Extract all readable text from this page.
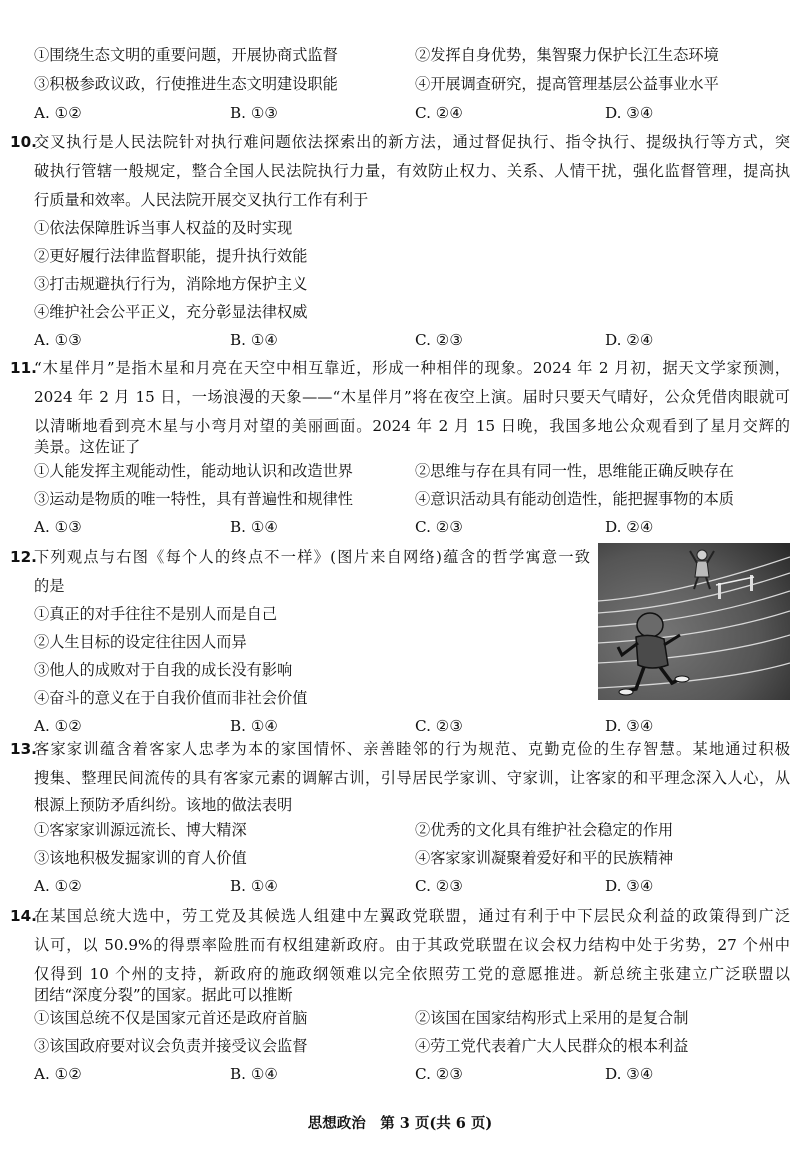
①围绕生态文明的重要问题，开展协商式监督	②发挥自身优势，集智聚力保护长江生态环境
③积极参政议政，行使推进生态文明建设职能	④开展调查研究，提高管理基层公益事业水平
A. ①②	B. ①③	C. ②④	D. ③④
10.
交叉执行是人民法院针对执行难问题依法探索出的新方法，通过督促执行、指令执行、提级执行等方式，突
破执行管辖一般规定，整合全国人民法院执行力量，有效防止权力、关系、人情干扰，强化监督管理，提高执
行质量和效率。人民法院开展交叉执行工作有利于
①依法保障胜诉当事人权益的及时实现
②更好履行法律监督职能，提升执行效能
③打击规避执行行为，消除地方保护主义
④维护社会公平正义，充分彰显法律权威
A. ①③	B. ①④	C. ②③	D. ②④
11.
“木星伴月”是指木星和月亮在天空中相互靠近，形成一种相伴的现象。2024 年 2 月初，据天文学家预测，
2024 年 2 月 15 日，一场浪漫的天象——“木星伴月”将在夜空上演。届时只要天气晴好，公众凭借肉眼就可
以清晰地看到亮木星与小弯月对望的美丽画面。2024 年 2 月 15 日晚，我国多地公众观看到了星月交辉的
美景。这佐证了
①人能发挥主观能动性，能动地认识和改造世界	②思维与存在具有同一性，思维能正确反映存在
③运动是物质的唯一特性，具有普遍性和规律性	④意识活动具有能动创造性，能把握事物的本质
A. ①③	B. ①④	C. ②③	D. ②④
12.
下列观点与右图《每个人的终点不一样》(图片来自网络)蕴含的哲学寓意一致
的是
①真正的对手往往不是别人而是自己
②人生目标的设定往往因人而异
③他人的成败对于自我的成长没有影响
④奋斗的意义在于自我价值而非社会价值
A. ①②	B. ①④	C. ②③	D. ③④
13.
客家家训蕴含着客家人忠孝为本的家国情怀、亲善睦邻的行为规范、克勤克俭的生存智慧。某地通过积极
搜集、整理民间流传的具有客家元素的调解古训，引导居民学家训、守家训，让客家的和平理念深入人心，从
根源上预防矛盾纠纷。该地的做法表明
①客家家训源远流长、博大精深	②优秀的文化具有维护社会稳定的作用
③该地积极发掘家训的育人价值	④客家家训凝聚着爱好和平的民族精神
A. ①②	B. ①④	C. ②③	D. ③④
14.
在某国总统大选中，劳工党及其候选人组建中左翼政党联盟，通过有利于中下层民众利益的政策得到广泛
认可，以 50.9%的得票率险胜而有权组建新政府。由于其政党联盟在议会权力结构中处于劣势，27 个州中
仅得到 10 个州的支持，新政府的施政纲领难以完全依照劳工党的意愿推进。新总统主张建立广泛联盟以
团结“深度分裂”的国家。据此可以推断
①该国总统不仅是国家元首还是政府首脑	②该国在国家结构形式上采用的是复合制
③该国政府要对议会负责并接受议会监督	④劳工党代表着广大人民群众的根本利益
A. ①②	B. ①④	C. ②③	D. ③④
思想政治　第 3 页(共 6 页)
